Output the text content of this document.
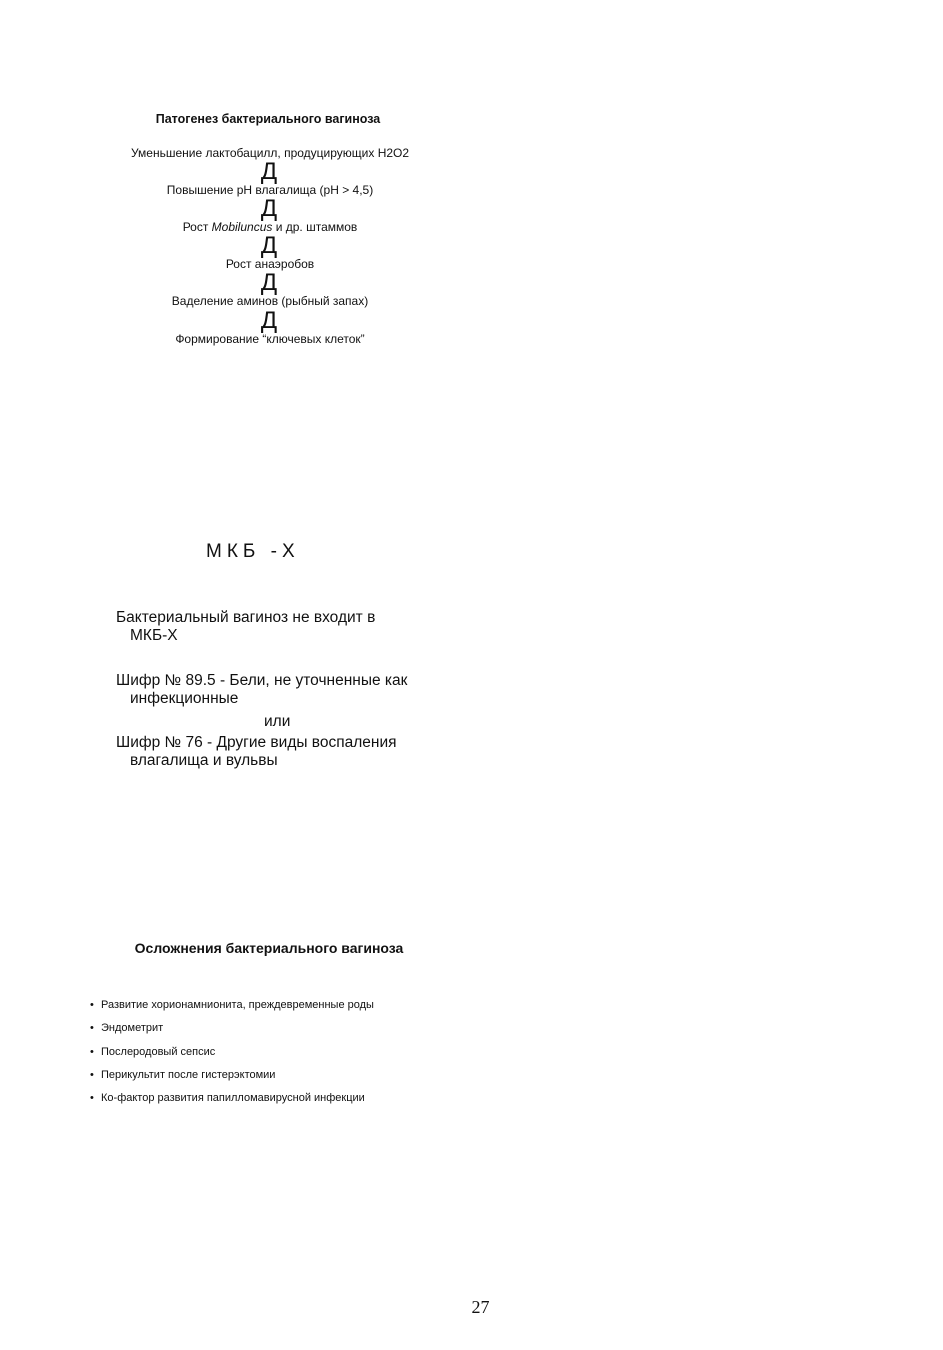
Патогенез бактериального вагиноза
Уменьшение лактобацилл, продуцирующих Н2О2
Д
Повышение рН влагалища (рН > 4,5)
Д
Рост Mobiluncus и др. штаммов
Д
Рост анаэробов
Д
Ваделение аминов (рыбный запах)
Д
Формирование “ключевых клеток”
МКБ -Х
Бактериальный вагиноз не входит в
МКБ-Х
Шифр № 89.5 - Бели, не уточненные как
инфекционные
или
Шифр № 76 - Другие виды воспаления
влагалища и вульвы
Осложнения бактериального вагиноза
• Развитие хорионамнионита, преждевременные роды
• Эндометрит
• Послеродовый сепсис
• Перикультит после гистерэктомии
• Ко-фактор развития папилломавирусной инфекции
27
